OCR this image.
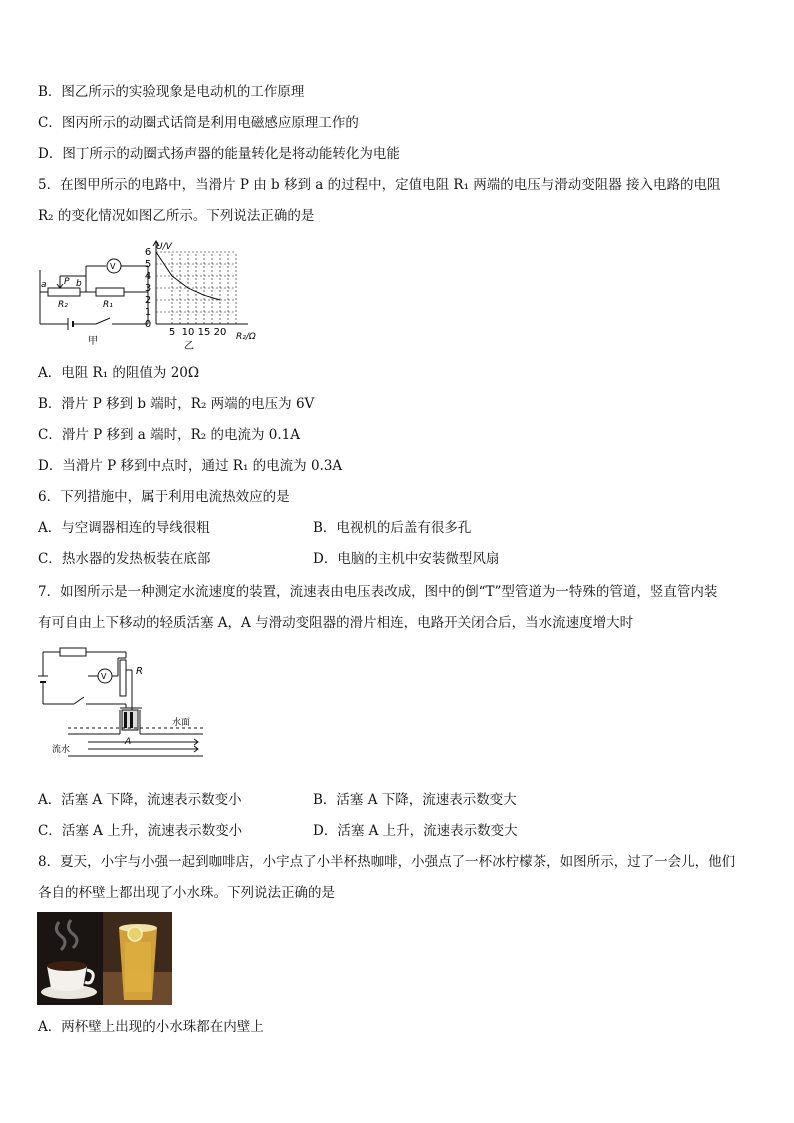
B．图乙所示的实验现象是电动机的工作原理
C．图丙所示的动圈式话筒是利用电磁感应原理工作的
D．图丁所示的动圈式扬声器的能量转化是将动能转化为电能
5．在图甲所示的电路中，当滑片 P 由 b 移到 a 的过程中，定值电阻 R₁ 两端的电压与滑动变阻器 接入电路的电阻
R₂ 的变化情况如图乙所示。下列说法正确的是
a P b
R₂	R₁
V
甲
0
1
2
3
4
5
6
5 10 15 20
U/V
R₂/Ω
乙
A．电阻 R₁ 的阻值为 20Ω
B．滑片 P 移到 b 端时，R₂ 两端的电压为 6V
C．滑片 P 移到 a 端时，R₂ 的电流为 0.1A
D．当滑片 P 移到中点时，通过 R₁ 的电流为 0.3A
6．下列措施中，属于利用电流热效应的是
A．与空调器相连的导线很粗	B．电视机的后盖有很多孔
C．热水器的发热板装在底部	D．电脑的主机中安装微型风扇
7．如图所示是一种测定水流速度的装置，流速表由电压表改成，图中的倒“T”型管道为一特殊的管道，竖直管内装
有可自由上下移动的轻质活塞 A，A 与滑动变阻器的滑片相连，电路开关闭合后，当水流速度增大时
R
V
A
水面
流水
A．活塞 A 下降，流速表示数变小	B．活塞 A 下降，流速表示数变大
C．活塞 A 上升，流速表示数变小	D．活塞 A 上升，流速表示数变大
8．夏天，小宇与小强一起到咖啡店，小宇点了小半杯热咖啡，小强点了一杯冰柠檬茶，如图所示，过了一会儿，他们
各自的杯壁上都出现了小水珠。下列说法正确的是
A．两杯壁上出现的小水珠都在内壁上
